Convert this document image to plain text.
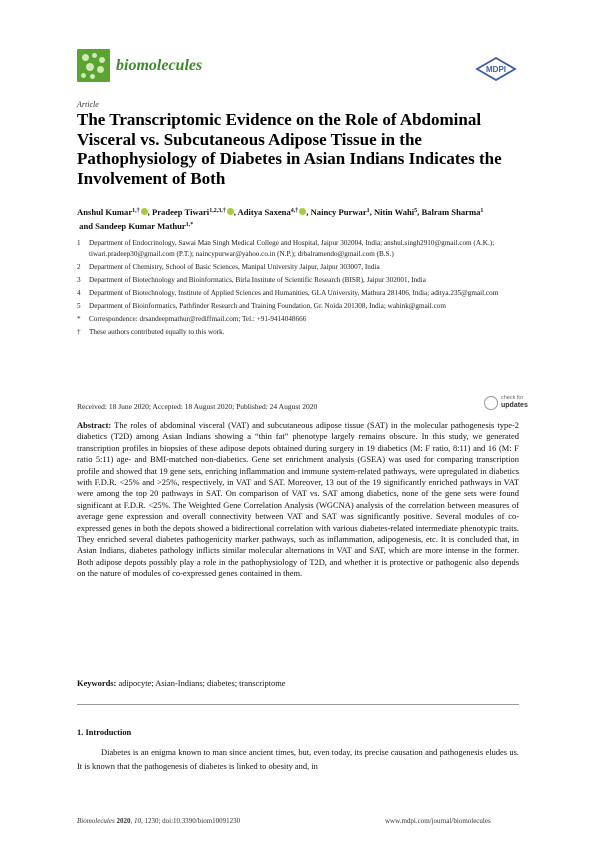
biomolecules	MDPI
Article
The Transcriptomic Evidence on the Role of Abdominal Visceral vs. Subcutaneous Adipose Tissue in the Pathophysiology of Diabetes in Asian Indians Indicates the Involvement of Both
Anshul Kumar$^{1,\dagger}$ , Pradeep Tiwari$^{1,2,3,\dagger}$ , Aditya Saxena$^{4,\dagger}$ , Naincy Purwar$^1$, Nitin Wahi$^5$, Balram Sharma$^1$ and Sandeep Kumar Mathur$^{1,*}$
1	Department of Endocrinology, Sawai Man Singh Medical College and Hospital, Jaipur 302004, India; anshul.singh2910@gmail.com (A.K.); tiwari.pradeep30@gmail.com (P.T.); naincypurwar@yahoo.co.in (N.P.); drbalramendo@gmail.com (B.S.)
2	Department of Chemistry, School of Basic Sciences, Manipal University Jaipur, Jaipur 303007, India
3	Department of Biotechnology and Bioinformatics, Birla Institute of Scientific Research (BISR), Jaipur 302001, India
4	Department of Biotechnology, Institute of Applied Sciences and Humanities, GLA University, Mathura 281406, India; aditya.235@gmail.com
5	Department of Bioinformatics, Pathfinder Research and Training Foundation, Gr. Noida 201308, India; wahink@gmail.com
*	Correspondence: drsandeepmathur@rediffmail.com; Tel.: +91-9414048666
†	These authors contributed equally to this work.
Received: 18 June 2020; Accepted: 18 August 2020; Published: 24 August 2020
check for
updates

Abstract: The roles of abdominal visceral (VAT) and subcutaneous adipose tissue (SAT) in the molecular pathogenesis type-2 diabetics (T2D) among Asian Indians showing a “thin fat” phenotype largely remains obscure. In this study, we generated transcription profiles in biopsies of these adipose depots obtained during surgery in 19 diabetics (M: F ratio, 8:11) and 16 (M: F ratio 5:11) age- and BMI-matched non-diabetics. Gene set enrichment analysis (GSEA) was used for comparing transcription profile and showed that 19 gene sets, enriching inflammation and immune system-related pathways, were upregulated in diabetics with F.D.R. <25% and >25%, respectively, in VAT and SAT. Moreover, 13 out of the 19 significantly enriched pathways in VAT were among the top 20 pathways in SAT. On comparison of VAT vs. SAT among diabetics, none of the gene sets were found significant at F.D.R. <25%. The Weighted Gene Correlation Analysis (WGCNA) analysis of the correlation between measures of average gene expression and overall connectivity between VAT and SAT was significantly positive. Several modules of co-expressed genes in both the depots showed a bidirectional correlation with various diabetes-related intermediate phenotypic traits. They enriched several diabetes pathogenicity marker pathways, such as inflammation, adipogenesis, etc. It is concluded that, in Asian Indians, diabetes pathology inflicts similar molecular alternations in VAT and SAT, which are more intense in the former. Both adipose depots possibly play a role in the pathophysiology of T2D, and whether it is protective or pathogenic also depends on the nature of modules of co-expressed genes contained in them.

Keywords: adipocyte; Asian-Indians; diabetes; transcriptome

1. Introduction

Diabetes is an enigma known to man since ancient times, but, even today, its precise causation and pathogenesis eludes us. It is known that the pathogenesis of diabetes is linked to obesity and, in

Biomolecules 2020, 10, 1230; doi:10.3390/biom10091230	www.mdpi.com/journal/biomolecules
